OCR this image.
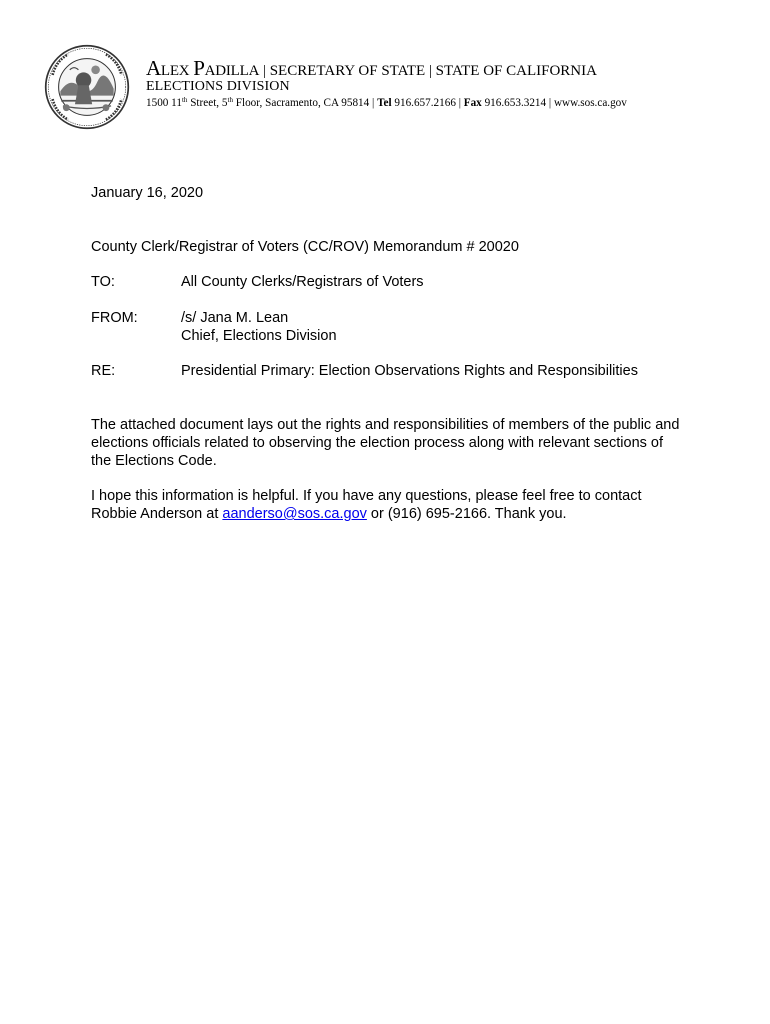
ALEX PADILLA | SECRETARY OF STATE | STATE OF CALIFORNIA
ELECTIONS DIVISION
1500 11th Street, 5th Floor, Sacramento, CA 95814 | Tel 916.657.2166 | Fax 916.653.3214 | www.sos.ca.gov
January 16, 2020
County Clerk/Registrar of Voters (CC/ROV) Memorandum # 20020
TO:	All County Clerks/Registrars of Voters
FROM:	/s/ Jana M. Lean
Chief, Elections Division
RE:	Presidential Primary: Election Observations Rights and Responsibilities

The attached document lays out the rights and responsibilities of members of the public and elections officials related to observing the election process along with relevant sections of the Elections Code.

I hope this information is helpful. If you have any questions, please feel free to contact Robbie Anderson at aanderso@sos.ca.gov or (916) 695-2166. Thank you.
